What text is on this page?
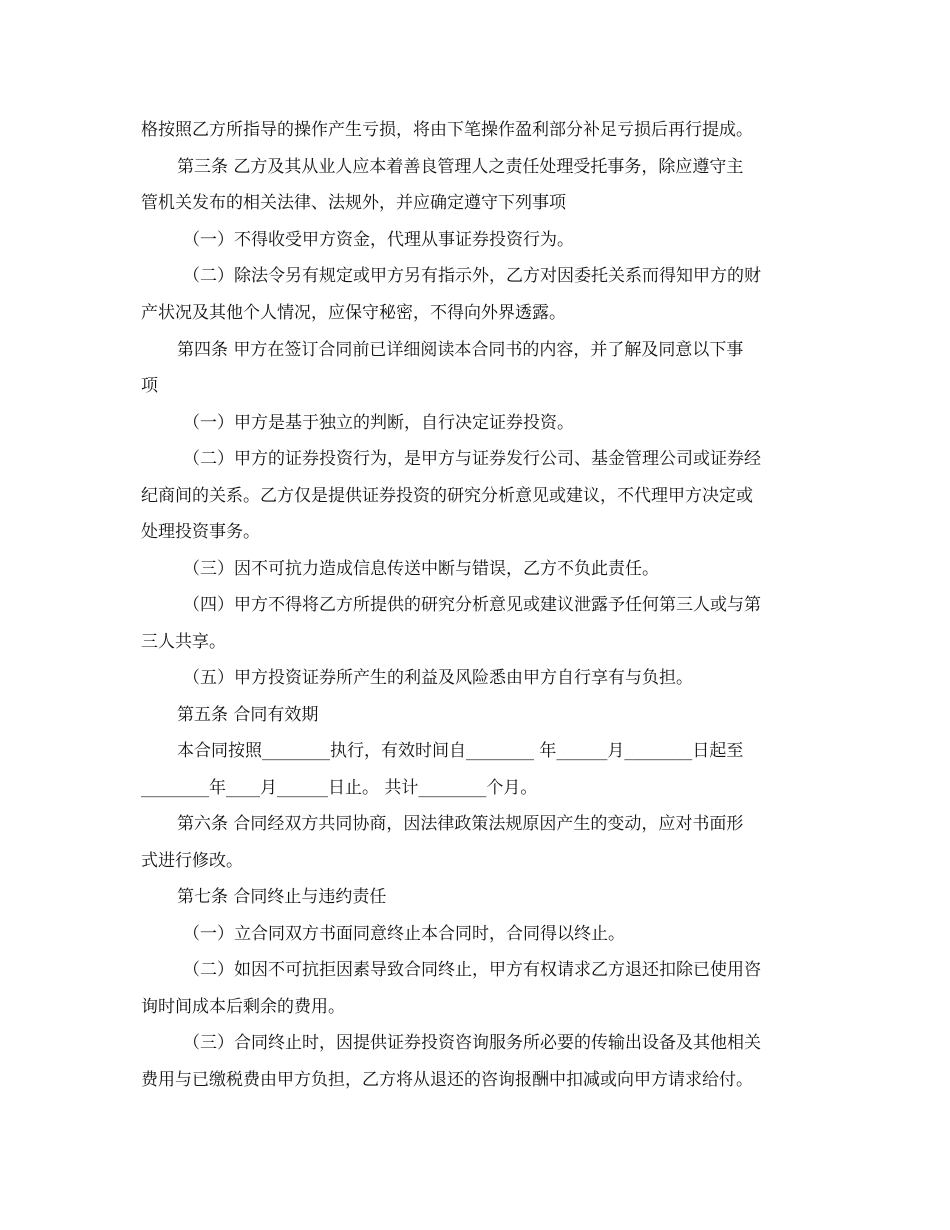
格按照乙方所指导的操作产生亏损，将由下笔操作盈利部分补足亏损后再行提成。
第三条 乙方及其从业人应本着善良管理人之责任处理受托事务，除应遵守主
管机关发布的相关法律、法规外，并应确定遵守下列事项
（一）不得收受甲方资金，代理从事证券投资行为。
（二）除法令另有规定或甲方另有指示外，乙方对因委托关系而得知甲方的财
产状况及其他个人情况，应保守秘密，不得向外界透露。
第四条 甲方在签订合同前已详细阅读本合同书的内容，并了解及同意以下事
项
（一）甲方是基于独立的判断，自行决定证券投资。
（二）甲方的证券投资行为，是甲方与证券发行公司、基金管理公司或证券经
纪商间的关系。乙方仅是提供证券投资的研究分析意见或建议，不代理甲方决定或
处理投资事务。
（三）因不可抗力造成信息传送中断与错误，乙方不负此责任。
（四）甲方不得将乙方所提供的研究分析意见或建议泄露予任何第三人或与第
三人共享。
（五）甲方投资证券所产生的利益及风险悉由甲方自行享有与负担。
第五条 合同有效期
本合同按照________执行，有效时间自________ 年______月________日起至
________年____月______日止。 共计________个月。
第六条 合同经双方共同协商，因法律政策法规原因产生的变动，应对书面形
式进行修改。
第七条 合同终止与违约责任
（一）立合同双方书面同意终止本合同时，合同得以终止。
（二）如因不可抗拒因素导致合同终止，甲方有权请求乙方退还扣除已使用咨
询时间成本后剩余的费用。
（三）合同终止时，因提供证券投资咨询服务所必要的传输出设备及其他相关
费用与已缴税费由甲方负担，乙方将从退还的咨询报酬中扣减或向甲方请求给付。
